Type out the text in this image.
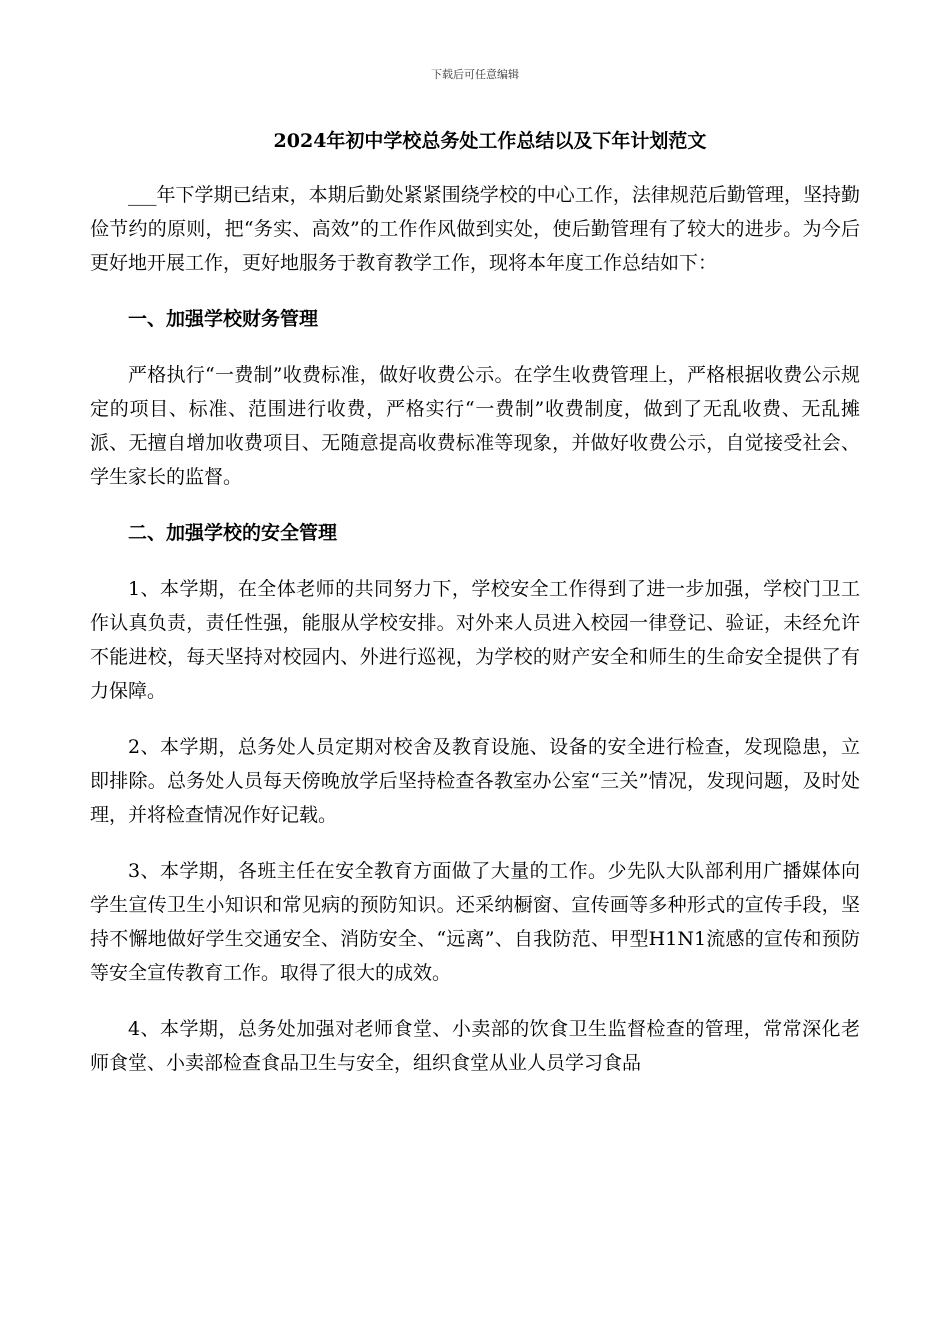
下载后可任意编辑
2024年初中学校总务处工作总结以及下年计划范文

___年下学期已结束，本期后勤处紧紧围绕学校的中心工作，法律规范后勤管理，坚持勤俭节约的原则，把“务实、高效”的工作作风做到实处，使后勤管理有了较大的进步。为今后更好地开展工作，更好地服务于教育教学工作，现将本年度工作总结如下：

一、加强学校财务管理

严格执行“一费制”收费标准，做好收费公示。在学生收费管理上，严格根据收费公示规定的项目、标准、范围进行收费，严格实行“一费制”收费制度，做到了无乱收费、无乱摊派、无擅自增加收费项目、无随意提高收费标准等现象，并做好收费公示，自觉接受社会、学生家长的监督。

二、加强学校的安全管理

1、本学期，在全体老师的共同努力下，学校安全工作得到了进一步加强，学校门卫工作认真负责，责任性强，能服从学校安排。对外来人员进入校园一律登记、验证，未经允许不能进校，每天坚持对校园内、外进行巡视，为学校的财产安全和师生的生命安全提供了有力保障。

2、本学期，总务处人员定期对校舍及教育设施、设备的安全进行检查，发现隐患，立即排除。总务处人员每天傍晚放学后坚持检查各教室办公室“三关”情况，发现问题，及时处理，并将检查情况作好记载。

3、本学期，各班主任在安全教育方面做了大量的工作。少先队大队部利用广播媒体向学生宣传卫生小知识和常见病的预防知识。还采纳橱窗、宣传画等多种形式的宣传手段，坚持不懈地做好学生交通安全、消防安全、“远离”、自我防范、甲型H1N1流感的宣传和预防等安全宣传教育工作。取得了很大的成效。

4、本学期，总务处加强对老师食堂、小卖部的饮食卫生监督检查的管理，常常深化老师食堂、小卖部检查食品卫生与安全，组织食堂从业人员学习食品
